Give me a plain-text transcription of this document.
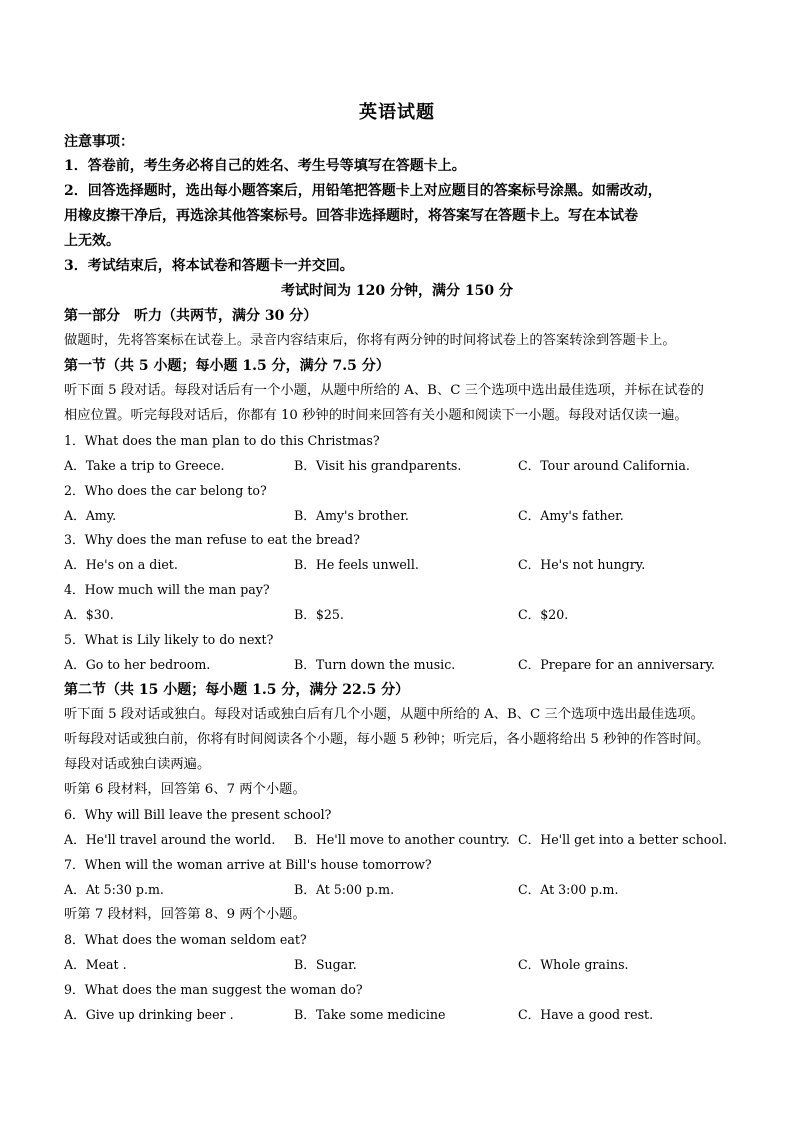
英语试题
注意事项：
1．答卷前，考生务必将自己的姓名、考生号等填写在答题卡上。
2．回答选择题时，选出每小题答案后，用铅笔把答题卡上对应题目的答案标号涂黑。如需改动，
用橡皮擦干净后，再选涂其他答案标号。回答非选择题时，将答案写在答题卡上。写在本试卷
上无效。
3．考试结束后，将本试卷和答题卡一并交回。
考试时间为 120 分钟，满分 150 分
第一部分　听力（共两节，满分 30 分）
做题时，先将答案标在试卷上。录音内容结束后，你将有两分钟的时间将试卷上的答案转涂到答题卡上。
第一节（共 5 小题；每小题 1.5 分，满分 7.5 分）
听下面 5 段对话。每段对话后有一个小题，从题中所给的 A、B、C 三个选项中选出最佳选项，并标在试卷的
相应位置。听完每段对话后，你都有 10 秒钟的时间来回答有关小题和阅读下一小题。每段对话仅读一遍。
1．What does the man plan to do this Christmas?
A．Take a trip to Greece.	B．Visit his grandparents.	C．Tour around California.
2．Who does the car belong to?
A．Amy.	B．Amy's brother.	C．Amy's father.
3．Why does the man refuse to eat the bread?
A．He's on a diet.	B．He feels unwell.	C．He's not hungry.
4．How much will the man pay?
A．$30.	B．$25.	C．$20.
5．What is Lily likely to do next?
A．Go to her bedroom.	B．Turn down the music.	C．Prepare for an anniversary.
第二节（共 15 小题；每小题 1.5 分，满分 22.5 分）
听下面 5 段对话或独白。每段对话或独白后有几个小题，从题中所给的 A、B、C 三个选项中选出最佳选项。
听每段对话或独白前，你将有时间阅读各个小题，每小题 5 秒钟；听完后，各小题将给出 5 秒钟的作答时间。
每段对话或独白读两遍。
听第 6 段材料，回答第 6、7 两个小题。
6．Why will Bill leave the present school?
A．He'll travel around the world. B．He'll move to another country. C．He'll get into a better school.
7．When will the woman arrive at Bill's house tomorrow?
A．At 5:30 p.m.	B．At 5:00 p.m.	C．At 3:00 p.m.
听第 7 段材料，回答第 8、9 两个小题。
8．What does the woman seldom eat?
A．Meat .	B．Sugar.	C．Whole grains.
9．What does the man suggest the woman do?
A．Give up drinking beer .	B．Take some medicine	C．Have a good rest.
